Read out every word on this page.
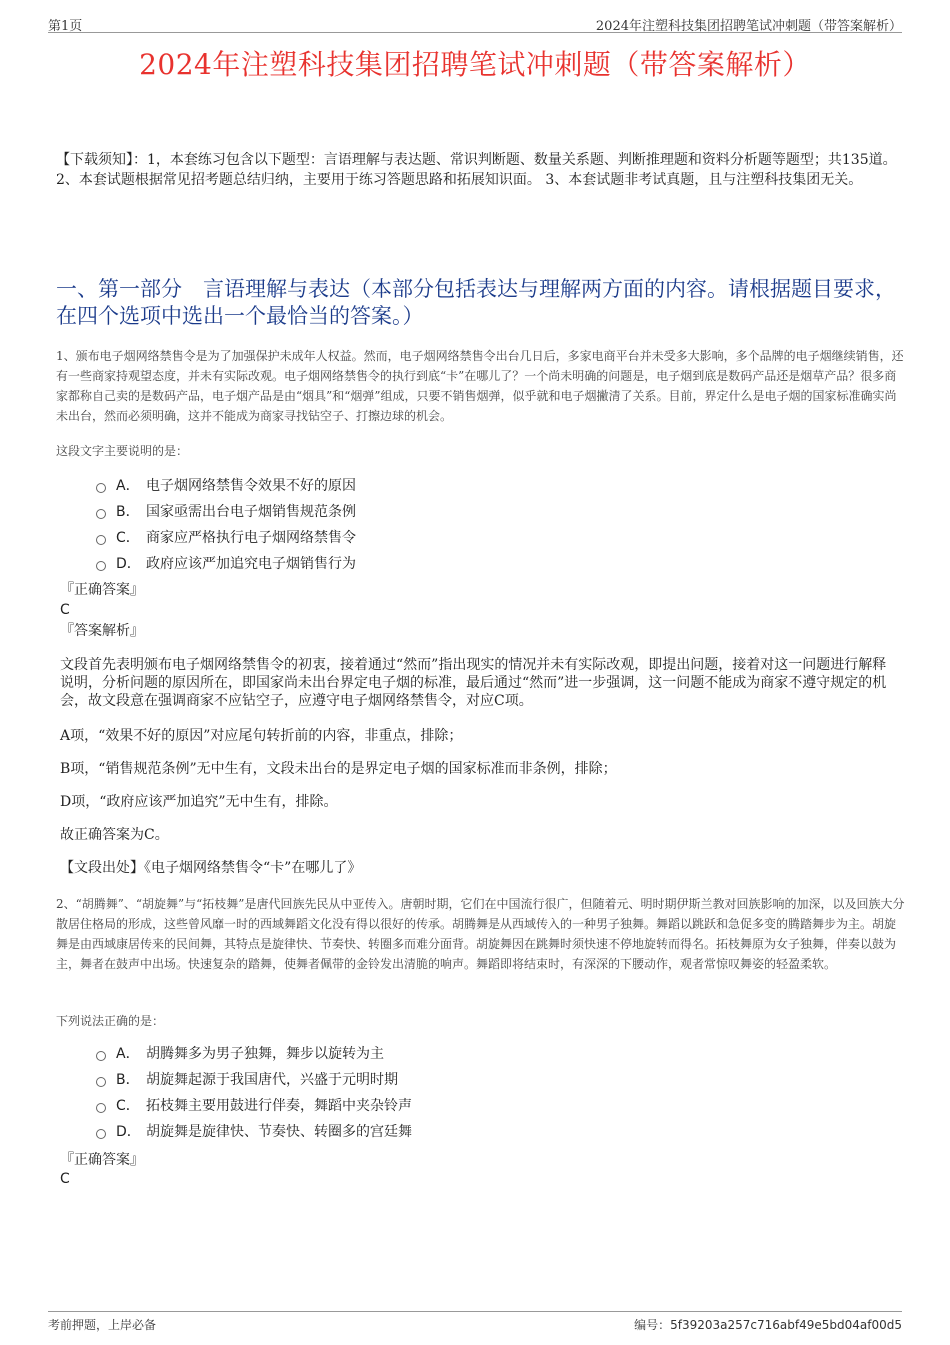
第1页	2024年注塑科技集团招聘笔试冲刺题（带答案解析）
2024年注塑科技集团招聘笔试冲刺题（带答案解析）
【下载须知】：1，本套练习包含以下题型：言语理解与表达题、常识判断题、数量关系题、判断推理题和资料分析题等题型；共135道。 2、本套试题根据常见招考题总结归纳，主要用于练习答题思路和拓展知识面。 3、本套试题非考试真题，且与注塑科技集团无关。
一、第一部分　言语理解与表达（本部分包括表达与理解两方面的内容。请根据题目要求，在四个选项中选出一个最恰当的答案。）
1、颁布电子烟网络禁售令是为了加强保护未成年人权益。然而，电子烟网络禁售令出台几日后，多家电商平台并未受多大影响，多个品牌的电子烟继续销售，还有一些商家持观望态度，并未有实际改观。电子烟网络禁售令的执行到底“卡”在哪儿了？一个尚未明确的问题是，电子烟到底是数码产品还是烟草产品？很多商家都称自己卖的是数码产品，电子烟产品是由“烟具”和“烟弹”组成，只要不销售烟弹，似乎就和电子烟撇清了关系。目前，界定什么是电子烟的国家标准确实尚未出台，然而必须明确，这并不能成为商家寻找钻空子、打擦边球的机会。
这段文字主要说明的是：
A． 电子烟网络禁售令效果不好的原因
B． 国家亟需出台电子烟销售规范条例
C． 商家应严格执行电子烟网络禁售令
D． 政府应该严加追究电子烟销售行为
『正确答案』
C
『答案解析』
文段首先表明颁布电子烟网络禁售令的初衷，接着通过“然而”指出现实的情况并未有实际改观，即提出问题，接着对这一问题进行解释说明，分析问题的原因所在，即国家尚未出台界定电子烟的标准，最后通过“然而”进一步强调，这一问题不能成为商家不遵守规定的机会，故文段意在强调商家不应钻空子，应遵守电子烟网络禁售令，对应C项。
A项，“效果不好的原因”对应尾句转折前的内容，非重点，排除；
B项，“销售规范条例”无中生有，文段未出台的是界定电子烟的国家标准而非条例，排除；
D项，“政府应该严加追究”无中生有，排除。
故正确答案为C。
【文段出处】《电子烟网络禁售令“卡”在哪儿了》
2、“胡腾舞”、“胡旋舞”与“拓枝舞”是唐代回族先民从中亚传入。唐朝时期，它们在中国流行很广，但随着元、明时期伊斯兰教对回族影响的加深，以及回族大分散居住格局的形成，这些曾风靡一时的西域舞蹈文化没有得以很好的传承。胡腾舞是从西域传入的一种男子独舞。舞蹈以跳跃和急促多变的腾踏舞步为主。胡旋舞是由西域康居传来的民间舞，其特点是旋律快、节奏快、转圈多而难分面背。胡旋舞因在跳舞时须快速不停地旋转而得名。拓枝舞原为女子独舞，伴奏以鼓为主，舞者在鼓声中出场。快速复杂的踏舞，使舞者佩带的金铃发出清脆的响声。舞蹈即将结束时，有深深的下腰动作，观者常惊叹舞姿的轻盈柔软。
下列说法正确的是：
A． 胡腾舞多为男子独舞，舞步以旋转为主
B． 胡旋舞起源于我国唐代，兴盛于元明时期
C． 拓枝舞主要用鼓进行伴奏，舞蹈中夹杂铃声
D． 胡旋舞是旋律快、节奏快、转圈多的宫廷舞
『正确答案』
C
考前押题，上岸必备	编号：5f39203a257c716abf49e5bd04af00d5
